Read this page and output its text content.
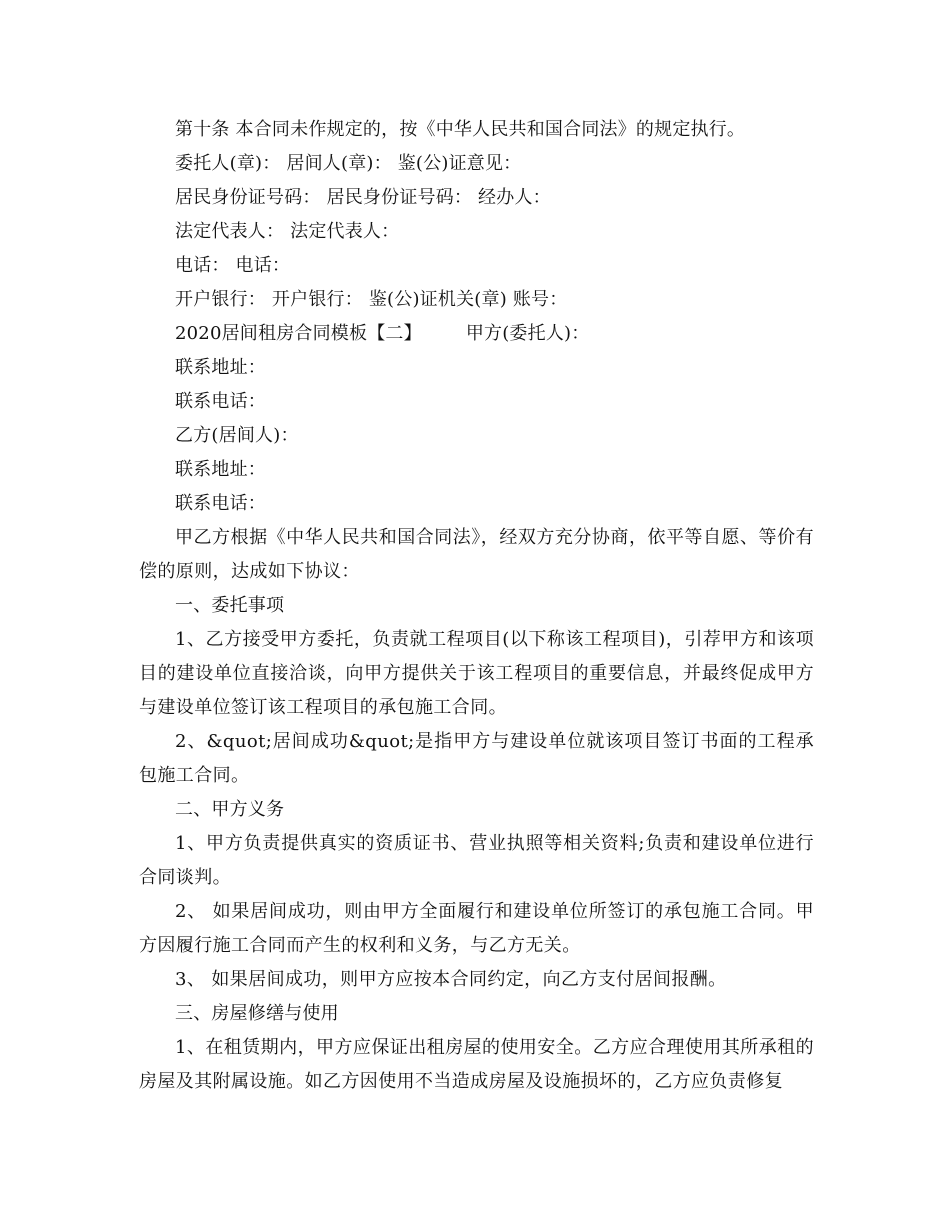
第十条 本合同未作规定的，按《中华人民共和国合同法》的规定执行。
委托人(章)： 居间人(章)： 鉴(公)证意见：
居民身份证号码： 居民身份证号码： 经办人：
法定代表人： 法定代表人：
电话： 电话：
开户银行： 开户银行： 鉴(公)证机关(章) 账号：
2020居间租房合同模板【二】 甲方(委托人)：
联系地址：
联系电话：
乙方(居间人)：
联系地址：
联系电话：
甲乙方根据《中华人民共和国合同法》，经双方充分协商，依平等自愿、等价有偿的原则，达成如下协议：
一、委托事项
1、乙方接受甲方委托，负责就工程项目(以下称该工程项目)，引荐甲方和该项目的建设单位直接洽谈，向甲方提供关于该工程项目的重要信息，并最终促成甲方与建设单位签订该工程项目的承包施工合同。
2、&quot;居间成功&quot;是指甲方与建设单位就该项目签订书面的工程承包施工合同。
二、甲方义务
1、甲方负责提供真实的资质证书、营业执照等相关资料;负责和建设单位进行合同谈判。
2、 如果居间成功，则由甲方全面履行和建设单位所签订的承包施工合同。甲方因履行施工合同而产生的权利和义务，与乙方无关。
3、 如果居间成功，则甲方应按本合同约定，向乙方支付居间报酬。
三、房屋修缮与使用
1、在租赁期内，甲方应保证出租房屋的使用安全。乙方应合理使用其所承租的房屋及其附属设施。如乙方因使用不当造成房屋及设施损坏的，乙方应负责修复
